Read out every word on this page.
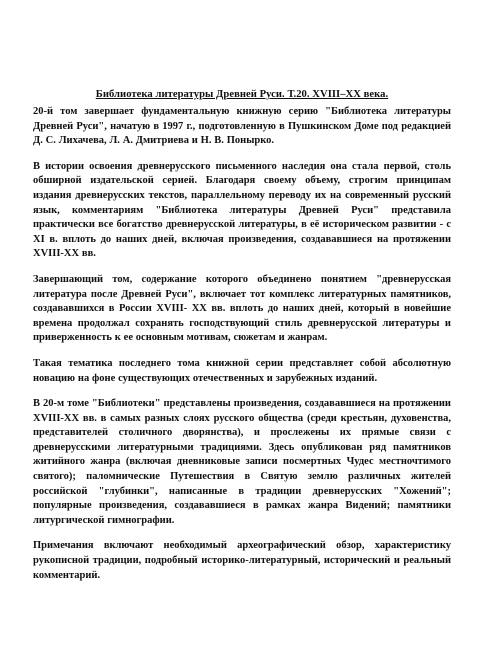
Библиотека литературы Древней Руси. Т.20. XVIII–XX века.

20-й том завершает фундаментальную книжную серию "Библиотека литературы Древней Руси", начатую в 1997 г., подготовленную в Пушкинском Доме под редакцией Д. С. Лихачева, Л. А. Дмитриева и Н. В. Понырко.

В истории освоения древнерусского письменного наследия она стала первой, столь обширной издательской серией. Благодаря своему объему, строгим принципам издания древнерусских текстов, параллельному переводу их на современный русский язык, комментариям "Библиотека литературы Древней Руси" представила практически все богатство древнерусской литературы, в её историческом развитии - с XI в. вплоть до наших дней, включая произведения, создававшиеся на протяжении XVIII-XX вв.

Завершающий том, содержание которого объединено понятием "древнерусская литература после Древней Руси", включает тот комплекс литературных памятников, создававшихся в России XVIII- XX вв. вплоть до наших дней, который в новейшие времена продолжал сохранять господствующий стиль древнерусской литературы и приверженность к ее основным мотивам, сюжетам и жанрам.

Такая тематика последнего тома книжной серии представляет собой абсолютную новацию на фоне существующих отечественных и зарубежных изданий.

В 20-м томе "Библиотеки" представлены произведения, создававшиеся на протяжении XVIII-XX вв. в самых разных слоях русского общества (среди крестьян, духовенства, представителей столичного дворянства), и прослежены их прямые связи с древнерусскими литературными традициями. Здесь опубликован ряд памятников житийного жанра (включая дневниковые записи посмертных Чудес местночтимого святого); паломнические Путешествия в Святую землю различных жителей российской "глубинки", написанные в традиции древнерусских "Хожений"; популярные произведения, создававшиеся в рамках жанра Видений; памятники литургической гимнографии.

Примечания включают необходимый археографический обзор, характеристику рукописной традиции, подробный историко-литературный, исторический и реальный комментарий.
